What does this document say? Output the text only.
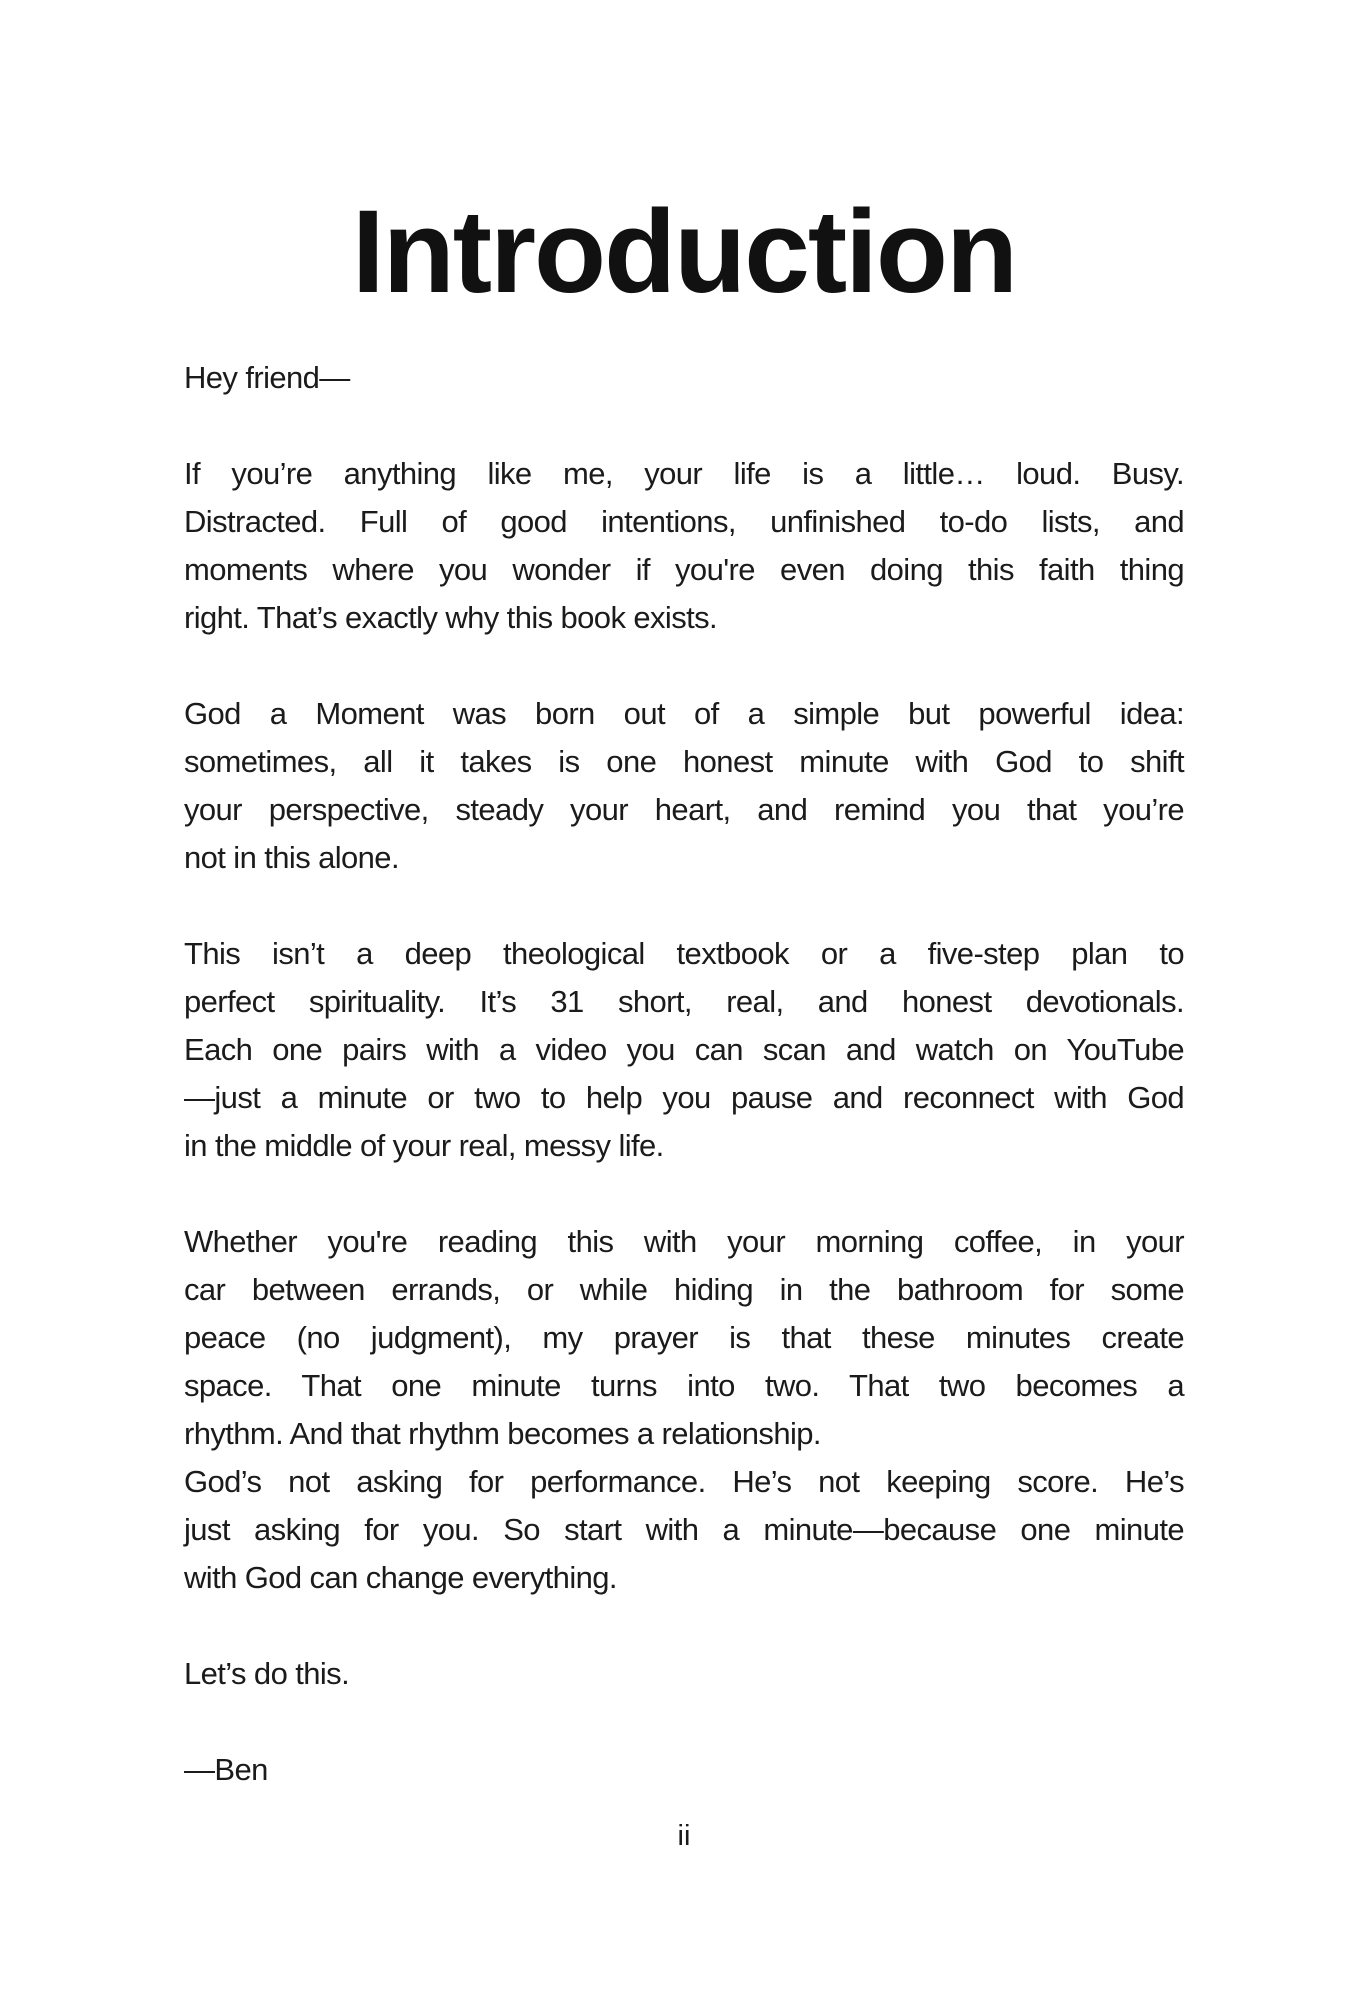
Introduction

Hey friend—

If you’re anything like me, your life is a little… loud. Busy.
Distracted. Full of good intentions, unfinished to-do lists, and
moments where you wonder if you're even doing this faith thing
right. That’s exactly why this book exists.
God a Moment was born out of a simple but powerful idea:
sometimes, all it takes is one honest minute with God to shift
your perspective, steady your heart, and remind you that you’re
not in this alone.
This isn’t a deep theological textbook or a five-step plan to
perfect spirituality. It’s 31 short, real, and honest devotionals.
Each one pairs with a video you can scan and watch on YouTube
—just a minute or two to help you pause and reconnect with God
in the middle of your real, messy life.
Whether you're reading this with your morning coffee, in your
car between errands, or while hiding in the bathroom for some
peace (no judgment), my prayer is that these minutes create
space. That one minute turns into two. That two becomes a
rhythm. And that rhythm becomes a relationship.
God’s not asking for performance. He’s not keeping score. He’s
just asking for you. So start with a minute—because one minute
with God can change everything.

Let’s do this.

—Ben

ii
